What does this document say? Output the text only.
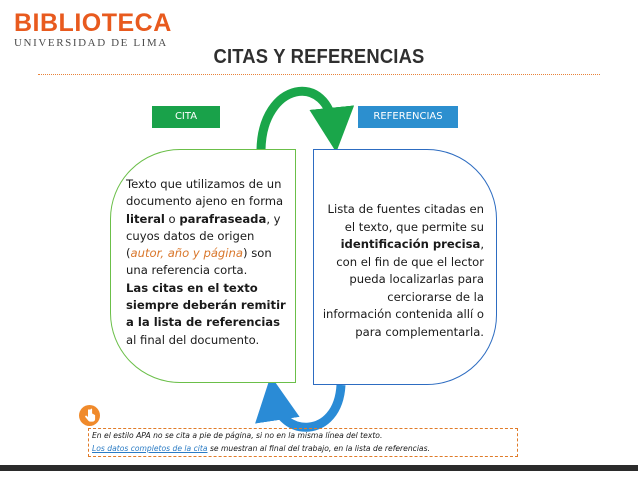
BIBLIOTECA
UNIVERSIDAD DE LIMA
CITAS Y REFERENCIAS
CITA	REFERENCIAS
Texto que utilizamos de un documento ajeno en forma literal o parafraseada, y cuyos datos de origen (autor, año y página) son una referencia corta.
Las citas en el texto siempre deberán remitir a la lista de referencias al final del documento.
Lista de fuentes citadas en el texto, que permite su identificación precisa, con el fin de que el lector pueda localizarlas para cerciorarse de la información contenida allí o para complementarla.
En el estilo APA no se cita a pie de página, si no en la misma línea del texto.
Los datos completos de la cita se muestran al final del trabajo, en la lista de referencias.
